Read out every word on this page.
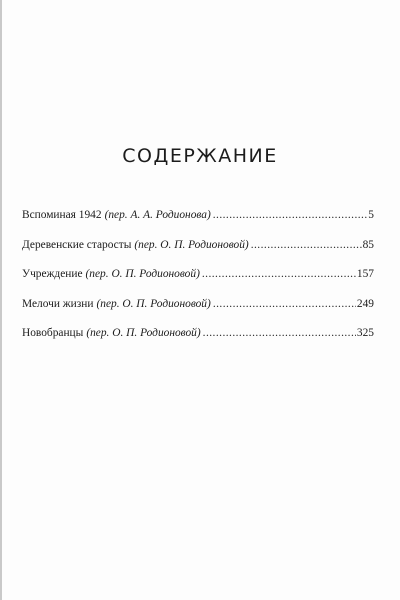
СОДЕРЖАНИЕ
Вспоминая 1942 (пер. А. А. Родионова) . . .	5
Деревенские старосты (пер. О. П. Родионовой) . . .	85
Учреждение (пер. О. П. Родионовой) . . .	157
Мелочи жизни (пер. О. П. Родионовой) . . .	249
Новобранцы (пер. О. П. Родионовой) . . .	325
